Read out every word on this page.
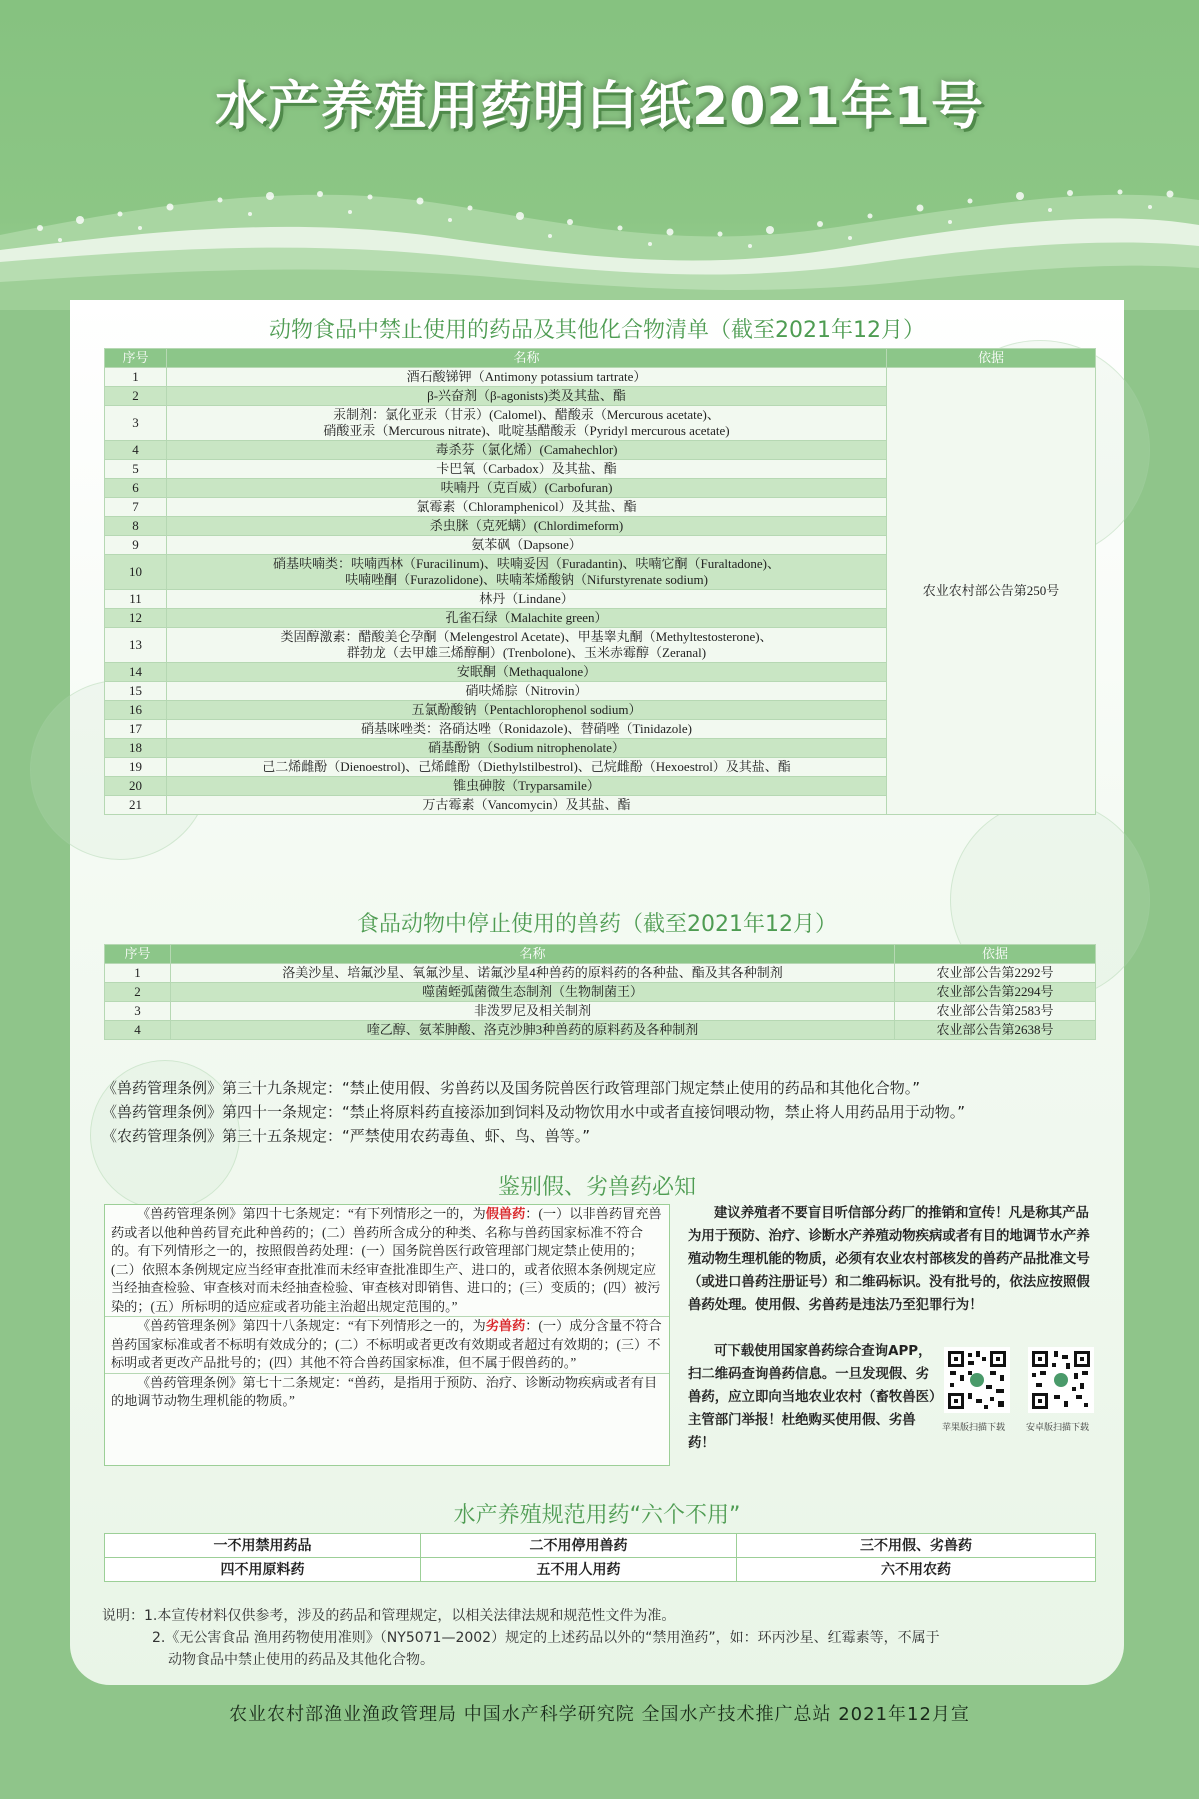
水产养殖用药明白纸2021年1号
动物食品中禁止使用的药品及其他化合物清单（截至2021年12月）
序号	名称	依据
1	酒石酸锑钾（Antimony potassium tartrate）	农业农村部公告第250号
2	β-兴奋剂（β-agonists)类及其盐、酯	
3	汞制剂：氯化亚汞（甘汞）(Calomel)、醋酸汞（Mercurous acetate)、
硝酸亚汞（Mercurous nitrate)、吡啶基醋酸汞（Pyridyl mercurous acetate)	
4	毒杀芬（氯化烯）(Camahechlor)	
5	卡巴氧（Carbadox）及其盐、酯	
6	呋喃丹（克百威）(Carbofuran)	
7	氯霉素（Chloramphenicol）及其盐、酯	
8	杀虫脒（克死螨）(Chlordimeform)	
9	氨苯砜（Dapsone）	
10	硝基呋喃类：呋喃西林（Furacilinum)、呋喃妥因（Furadantin)、呋喃它酮（Furaltadone)、
呋喃唑酮（Furazolidone)、呋喃苯烯酸钠（Nifurstyrenate sodium)	
11	林丹（Lindane）	
12	孔雀石绿（Malachite green）	
13	类固醇激素：醋酸美仑孕酮（Melengestrol Acetate)、甲基睾丸酮（Methyltestosterone)、
群勃龙（去甲雄三烯醇酮）(Trenbolone)、玉米赤霉醇（Zeranal)	
14	安眠酮（Methaqualone）	
15	硝呋烯腙（Nitrovin）	
16	五氯酚酸钠（Pentachlorophenol sodium）	
17	硝基咪唑类：洛硝达唑（Ronidazole)、替硝唑（Tinidazole)	
18	硝基酚钠（Sodium nitrophenolate）	
19	己二烯雌酚（Dienoestrol)、己烯雌酚（Diethylstilbestrol)、己烷雌酚（Hexoestrol）及其盐、酯	
20	锥虫砷胺（Tryparsamile）	
21	万古霉素（Vancomycin）及其盐、酯	
食品动物中停止使用的兽药（截至2021年12月）
序号	名称	依据
1	洛美沙星、培氟沙星、氧氟沙星、诺氟沙星4种兽药的原料药的各种盐、酯及其各种制剂	农业部公告第2292号
2	噬菌蛭弧菌微生态制剂（生物制菌王）	农业部公告第2294号
3	非泼罗尼及相关制剂	农业部公告第2583号
4	喹乙醇、氨苯胂酸、洛克沙胂3种兽药的原料药及各种制剂	农业部公告第2638号
《兽药管理条例》第三十九条规定：“禁止使用假、劣兽药以及国务院兽医行政管理部门规定禁止使用的药品和其他化合物。”
《兽药管理条例》第四十一条规定：“禁止将原料药直接添加到饲料及动物饮用水中或者直接饲喂动物，禁止将人用药品用于动物。”
《农药管理条例》第三十五条规定：“严禁使用农药毒鱼、虾、鸟、兽等。”
鉴别假、劣兽药必知

《兽药管理条例》第四十七条规定：“有下列情形之一的，为假兽药：(一）以非兽药冒充兽药或者以他种兽药冒充此种兽药的；(二）兽药所含成分的种类、名称与兽药国家标准不符合的。有下列情形之一的，按照假兽药处理：(一）国务院兽医行政管理部门规定禁止使用的；(二）依照本条例规定应当经审查批准而未经审查批准即生产、进口的，或者依照本条例规定应当经抽查检验、审查核对而未经抽查检验、审查核对即销售、进口的；(三）变质的；(四）被污染的；(五）所标明的适应症或者功能主治超出规定范围的。”

《兽药管理条例》第四十八条规定：“有下列情形之一的，为劣兽药：(一）成分含量不符合兽药国家标准或者不标明有效成分的；(二）不标明或者更改有效期或者超过有效期的；(三）不标明或者更改产品批号的；(四）其他不符合兽药国家标准，但不属于假兽药的。”

《兽药管理条例》第七十二条规定：“兽药，是指用于预防、治疗、诊断动物疾病或者有目的地调节动物生理机能的物质。”

建议养殖者不要盲目听信部分药厂的推销和宣传！凡是称其产品为用于预防、治疗、诊断水产养殖动物疾病或者有目的地调节水产养殖动物生理机能的物质，必须有农业农村部核发的兽药产品批准文号（或进口兽药注册证号）和二维码标识。没有批号的，依法应按照假兽药处理。使用假、劣兽药是违法乃至犯罪行为！
可下载使用国家兽药综合查询APP，扫二维码查询兽药信息。一旦发现假、劣兽药，应立即向当地农业农村（畜牧兽医）主管部门举报！杜绝购买使用假、劣兽药！
苹果版扫描下载 安卓版扫描下载
水产养殖规范用药“六个不用”
一不用禁用药品	二不用停用兽药	三不用假、劣兽药
四不用原料药	五不用人用药	六不用农药
说明：1.本宣传材料仅供参考，涉及的药品和管理规定，以相关法律法规和规范性文件为准。
2.《无公害食品 渔用药物使用准则》（NY5071—2002）规定的上述药品以外的“禁用渔药”，如：环丙沙星、红霉素等，不属于
动物食品中禁止使用的药品及其他化合物。
农业农村部渔业渔政管理局 中国水产科学研究院 全国水产技术推广总站 2021年12月宣
